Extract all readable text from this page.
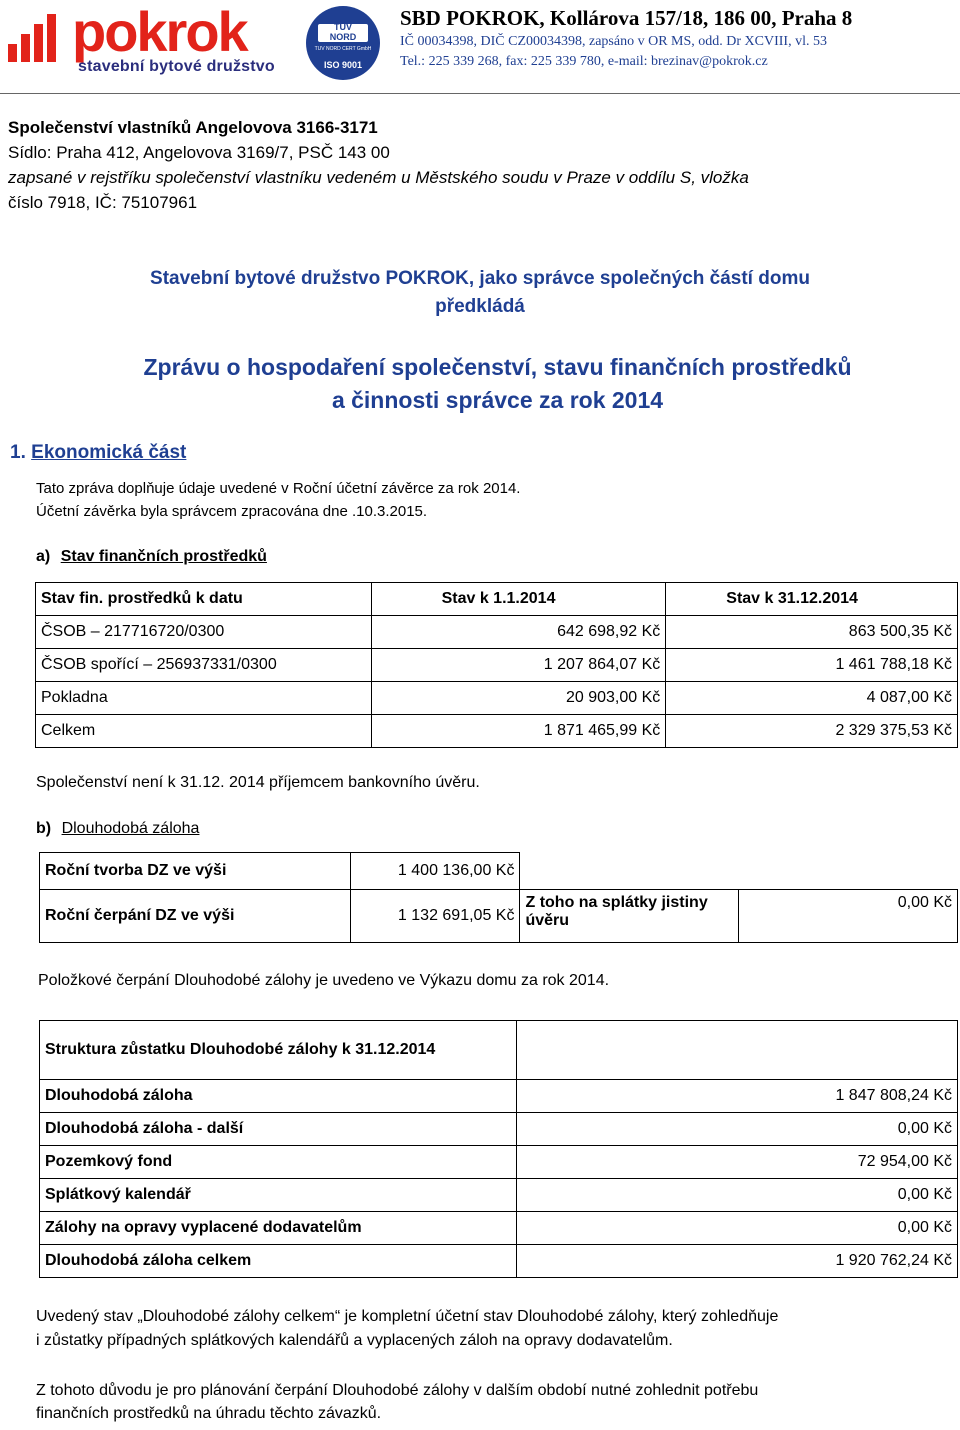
pokrok
stavební bytové družstvo
TÜV NORD
TUV NORD CERT GmbH
ISO 9001
SBD POKROK, Kollárova 157/18, 186 00, Praha 8
IČ 00034398, DIČ CZ00034398, zapsáno v OR MS, odd. Dr XCVIII, vl. 53
Tel.: 225 339 268, fax: 225 339 780, e-mail: brezinav@pokrok.cz
Společenství vlastníků Angelovova 3166-3171
Sídlo: Praha 412, Angelovova 3169/7, PSČ 143 00
zapsané v rejstříku společenství vlastníku vedeném u Městského soudu v Praze v oddílu S, vložka
číslo 7918, IČ: 75107961
Stavební bytové družstvo POKROK, jako správce společných částí domu
předkládá
Zprávu o hospodaření společenství, stavu finančních prostředků
a činnosti správce za rok 2014
1. Ekonomická část
Tato zpráva doplňuje údaje uvedené v Roční účetní závěrce za rok 2014.
Účetní závěrka byla správcem zpracována dne .10.3.2015.
a) Stav finančních prostředků
Stav fin. prostředků k datu	Stav k 1.1.2014	Stav k 31.12.2014
ČSOB – 217716720/0300	642 698,92 Kč	863 500,35 Kč
ČSOB spořící – 256937331/0300	1 207 864,07 Kč	1 461 788,18 Kč
Pokladna	20 903,00 Kč	4 087,00 Kč
Celkem	1 871 465,99 Kč	2 329 375,53 Kč
Společenství není k 31.12. 2014 příjemcem bankovního úvěru.
b) Dlouhodobá záloha
Roční tvorba DZ ve výši	1 400 136,00 Kč		
Roční čerpání DZ ve výši	1 132 691,05 Kč	Z toho na splátky jistiny úvěru	0,00 Kč
Položkové čerpání Dlouhodobé zálohy je uvedeno ve Výkazu domu za rok 2014.
Struktura zůstatku Dlouhodobé zálohy k 31.12.2014	
Dlouhodobá záloha	1 847 808,24 Kč
Dlouhodobá záloha - další	0,00 Kč
Pozemkový fond	72 954,00 Kč
Splátkový kalendář	0,00 Kč
Zálohy na opravy vyplacené dodavatelům	0,00 Kč
Dlouhodobá záloha celkem	1 920 762,24 Kč
Uvedený stav „Dlouhodobé zálohy celkem“ je kompletní účetní stav Dlouhodobé zálohy, který zohledňuje
i zůstatky případných splátkových kalendářů a vyplacených záloh na opravy dodavatelům.
Z tohoto důvodu je pro plánování čerpání Dlouhodobé zálohy v dalším období nutné zohlednit potřebu
finančních prostředků na úhradu těchto závazků.
